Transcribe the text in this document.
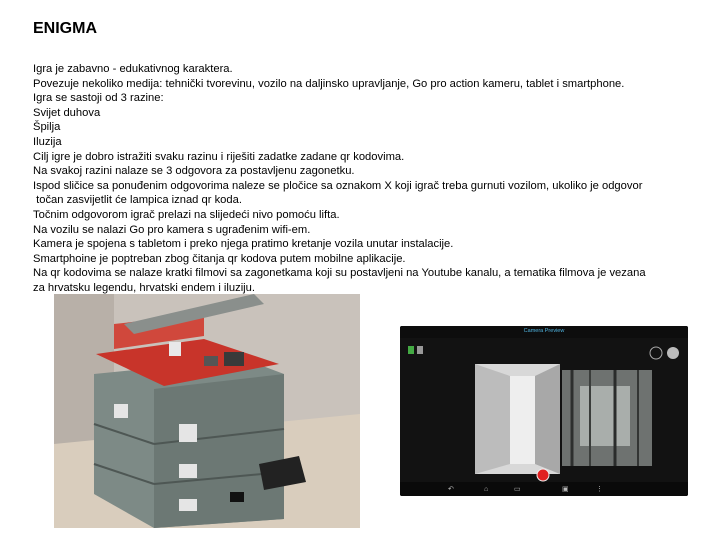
ENIGMA
Igra je zabavno - edukativnog karaktera.
Povezuje nekoliko medija: tehnički tvorevinu, vozilo na daljinsko upravljanje, Go pro action kameru, tablet i smartphone.
Igra se sastoji od 3 razine:
Svijet duhova
Špilja
Iluzija
Cilj igre je dobro istražiti svaku razinu i riješiti zadatke zadane qr kodovima.
Na svakoj razini nalaze se 3 odgovora za postavljenu zagonetku.
Ispod sličice sa ponuđenim odgovorima naleze se pločice sa oznakom X koji igrač treba gurnuti vozilom, ukoliko je odgovor
točan zasvijetlit će lampica iznad qr koda.
Točnim odgovorom igrač prelazi na slijedeći nivo pomoću lifta.
Na vozilu se nalazi Go pro kamera s ugrađenim wifi-em.
Kamera je spojena s tabletom i preko njega pratimo kretanje vozila unutar instalacije.
Smartphoine je poptreban zbog čitanja qr kodova putem mobilne aplikacije.
Na qr kodovima se nalaze kratki filmovi sa zagonetkama koji su postavljeni na Youtube kanalu, a tematika filmova je vezana
za hrvatsku legendu, hrvatski endem i iluziju.
Camera Preview
↶	⌂	▭	▣	⋮
